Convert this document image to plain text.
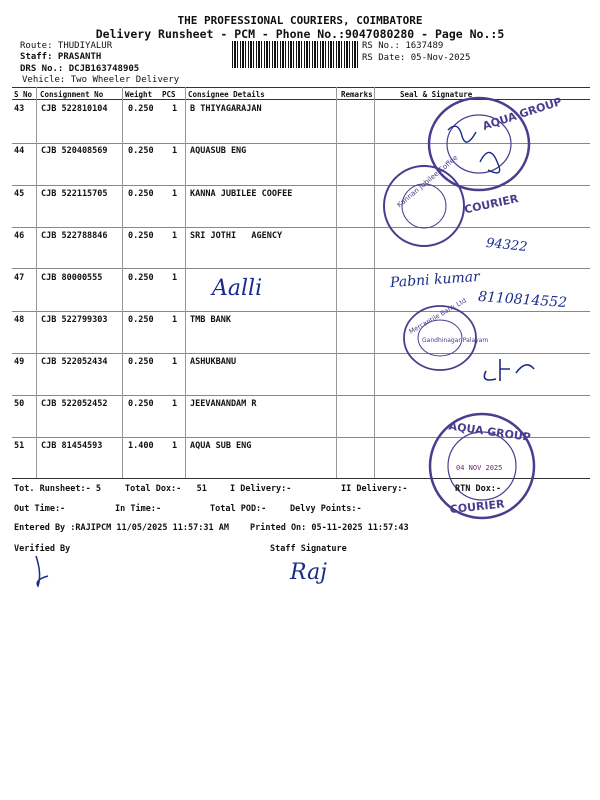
THE PROFESSIONAL COURIERS, COIMBATORE
Delivery Runsheet - PCM - Phone No.:9047080280 - Page No.:5
Route: THUDIYALUR
Staff: PRASANTH
DRS No.: DCJB163748905
Vehicle: Two Wheeler Delivery
RS No.: 1637489
RS Date: 05-Nov-2025
S No Consignment No	Weight PCS Consignee Details	Remarks	Seal & Signature
43 CJB 522810104 0.250 1 B THIYAGARAJAN
44 CJB 520408569 0.250 1 AQUASUB ENG
45 CJB 522115705 0.250 1 KANNA JUBILEE COOFEE
46 CJB 522788846 0.250 1 SRI JOTHI   AGENCY
47 CJB 80000555	0.250 1
48 CJB 522799303 0.250 1 TMB BANK
49 CJB 522052434 0.250 1 ASHUKBANU
50 CJB 522052452 0.250 1 JEEVANANDAM R
51 CJB 81454593	1.400 1 AQUA SUB ENG
AQUA GROUP
Kannan Jubilee Coffee COURIER
Mercantile Bank Ltd
Gandhinagar Palayam
AQUA GROUP
04 NOV 2025
COURIER
94322
Pabni kumar
8110814552
Aalli
Tot. Runsheet:- 5	Total Dox:-   51	I Delivery:-	II Delivery:-	RTN Dox:-
Out Time:-	In Time:-	Total POD:-	Delvy Points:-
Entered By :RAJIPCM 11/05/2025 11:57:31 AM Printed On: 05-11-2025 11:57:43
Verified By	Staff Signature
Raj
